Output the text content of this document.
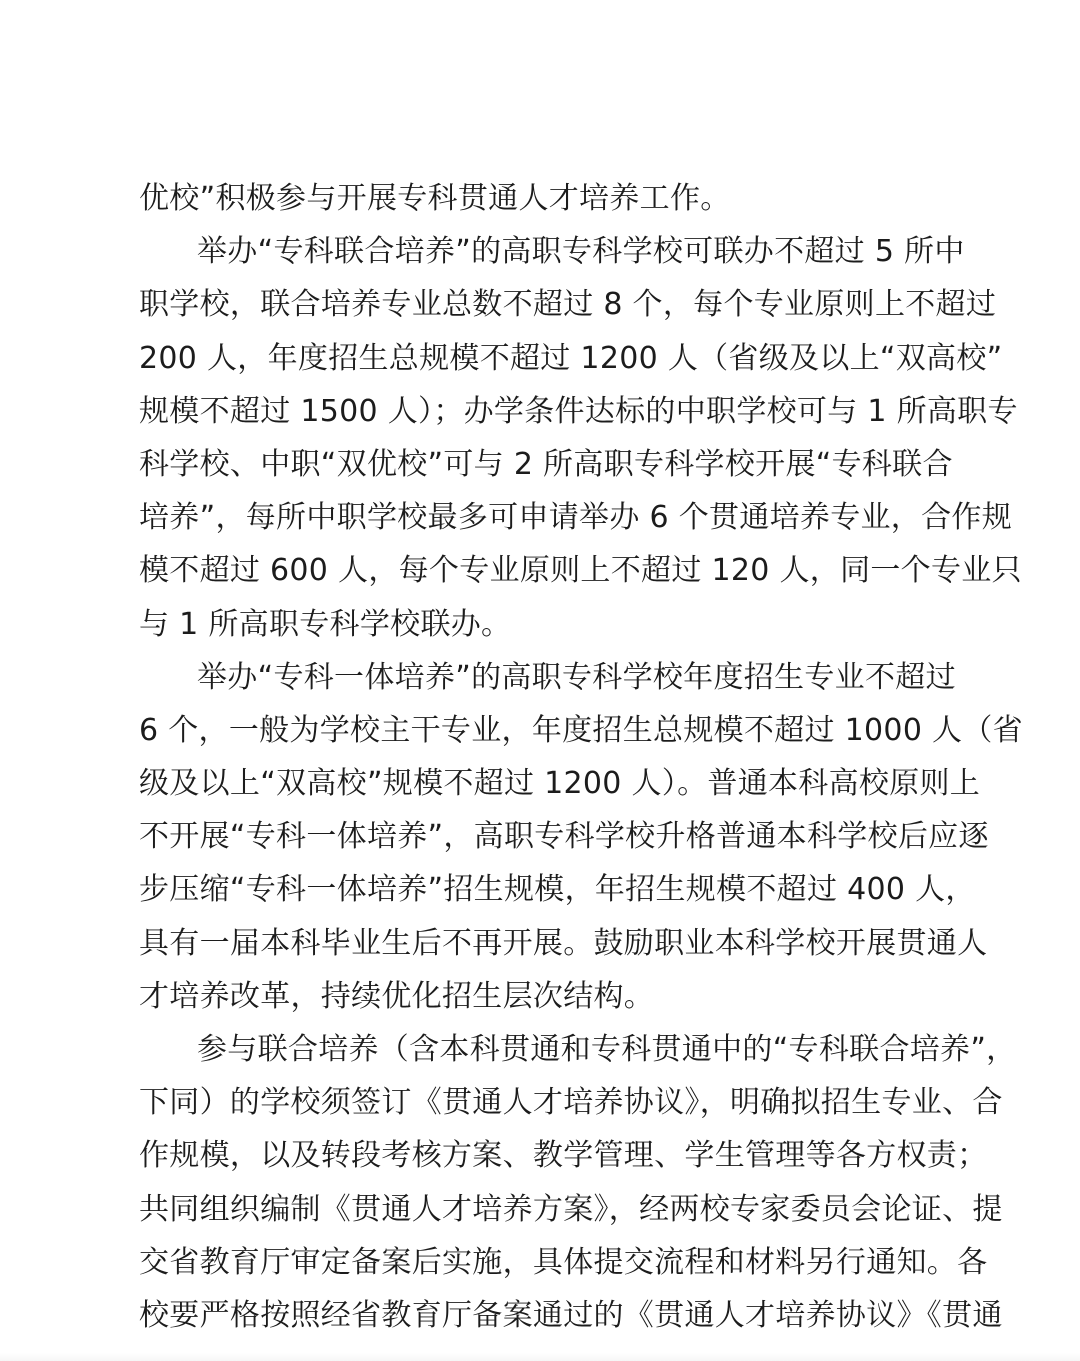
优校”积极参与开展专科贯通人才培养工作。
举办“专科联合培养”的高职专科学校可联办不超过 5 所中
职学校，联合培养专业总数不超过 8 个，每个专业原则上不超过
200 人，年度招生总规模不超过 1200 人（省级及以上“双高校”
规模不超过 1500 人）；办学条件达标的中职学校可与 1 所高职专
科学校、中职“双优校”可与 2 所高职专科学校开展“专科联合
培养”，每所中职学校最多可申请举办 6 个贯通培养专业，合作规
模不超过 600 人，每个专业原则上不超过 120 人，同一个专业只
与 1 所高职专科学校联办。
举办“专科一体培养”的高职专科学校年度招生专业不超过
6 个，一般为学校主干专业，年度招生总规模不超过 1000 人（省
级及以上“双高校”规模不超过 1200 人）。普通本科高校原则上
不开展“专科一体培养”，高职专科学校升格普通本科学校后应逐
步压缩“专科一体培养”招生规模，年招生规模不超过 400 人，
具有一届本科毕业生后不再开展。鼓励职业本科学校开展贯通人
才培养改革，持续优化招生层次结构。
参与联合培养（含本科贯通和专科贯通中的“专科联合培养”，
下同）的学校须签订《贯通人才培养协议》，明确拟招生专业、合
作规模，以及转段考核方案、教学管理、学生管理等各方权责；
共同组织编制《贯通人才培养方案》，经两校专家委员会论证、提
交省教育厅审定备案后实施，具体提交流程和材料另行通知。各
校要严格按照经省教育厅备案通过的《贯通人才培养协议》《贯通
